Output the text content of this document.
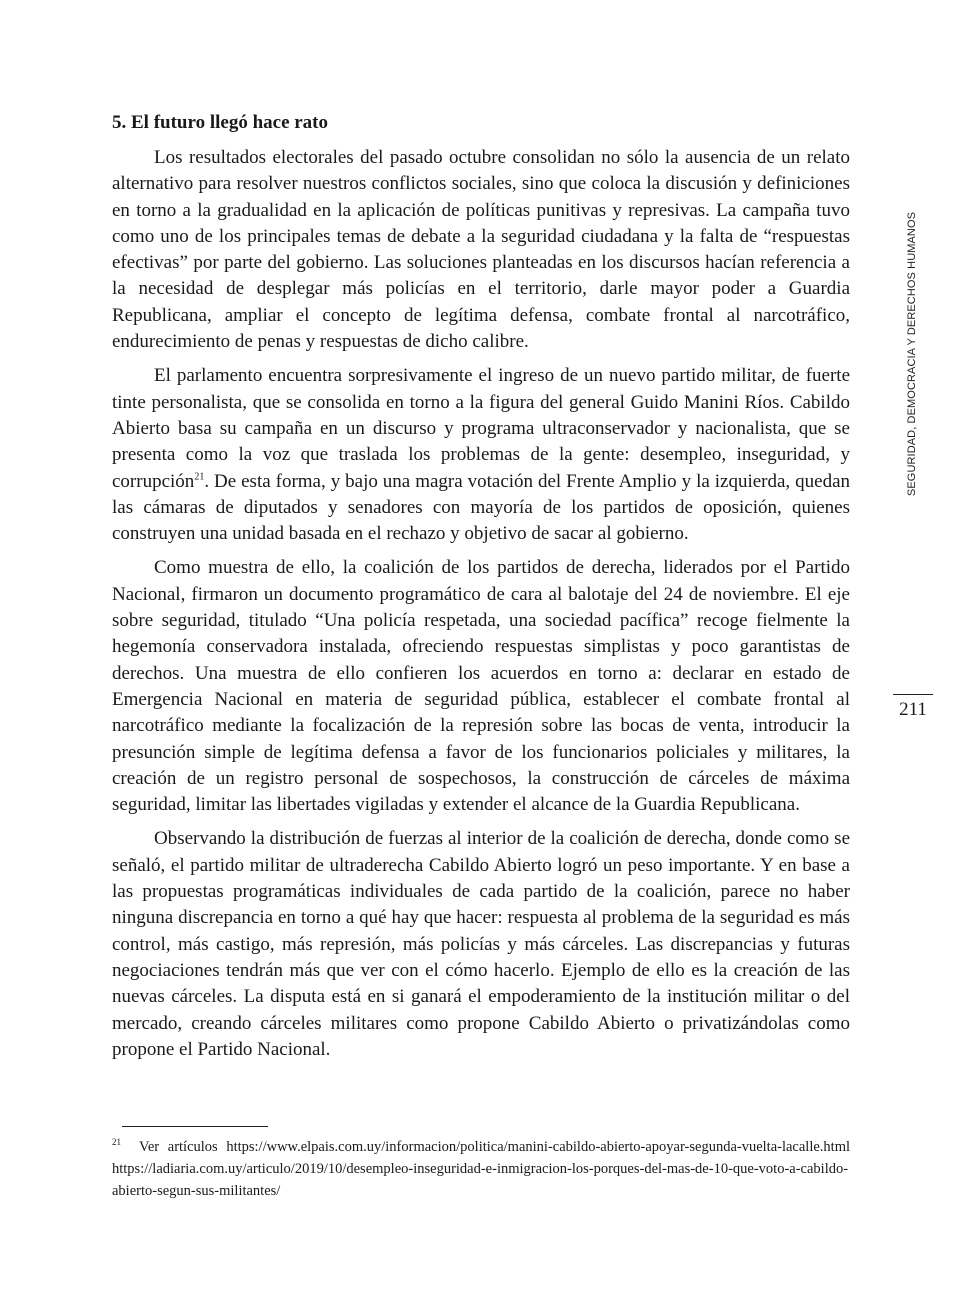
5. El futuro llegó hace rato

Los resultados electorales del pasado octubre consolidan no sólo la ausencia de un relato alternativo para resolver nuestros conflictos sociales, sino que coloca la discusión y definiciones en torno a la gradualidad en la aplicación de políticas punitivas y represivas. La campaña tuvo como uno de los principales temas de debate a la seguridad ciudadana y la falta de “respuestas efectivas” por parte del gobierno. Las soluciones planteadas en los discursos hacían referencia a la necesidad de desplegar más policías en el territorio, darle mayor poder a Guardia Republicana, ampliar el concepto de legítima defensa, combate frontal al narcotráfico, endurecimiento de penas y respuestas de dicho calibre.

El parlamento encuentra sorpresivamente el ingreso de un nuevo partido militar, de fuerte tinte personalista, que se consolida en torno a la figura del general Guido Manini Ríos. Cabildo Abierto basa su campaña en un discurso y programa ultraconservador y nacionalista, que se presenta como la voz que traslada los problemas de la gente: desempleo, inseguridad, y corrupción$^{21}$. De esta forma, y bajo una magra votación del Frente Amplio y la izquierda, quedan las cámaras de diputados y senadores con mayoría de los partidos de oposición, quienes construyen una unidad basada en el rechazo y objetivo de sacar al gobierno.

Como muestra de ello, la coalición de los partidos de derecha, liderados por el Partido Nacional, firmaron un documento programático de cara al balotaje del 24 de noviembre. El eje sobre seguridad, titulado “Una policía respetada, una sociedad pacífica” recoge fielmente la hegemonía conservadora instalada, ofreciendo respuestas simplistas y poco garantistas de derechos. Una muestra de ello confieren los acuerdos en torno a: declarar en estado de Emergencia Nacional en materia de seguridad pública, establecer el combate frontal al narcotráfico mediante la focalización de la represión sobre las bocas de venta, introducir la presunción simple de legítima defensa a favor de los funcionarios policiales y militares, la creación de un registro personal de sospechosos, la construcción de cárceles de máxima seguridad, limitar las libertades vigiladas y extender el alcance de la Guardia Republicana.

Observando la distribución de fuerzas al interior de la coalición de derecha, donde como se señaló, el partido militar de ultraderecha Cabildo Abierto logró un peso importante. Y en base a las propuestas programáticas individuales de cada partido de la coalición, parece no haber ninguna discrepancia en torno a qué hay que hacer: respuesta al problema de la seguridad es más control, más castigo, más represión, más policías y más cárceles. Las discrepancias y futuras negociaciones tendrán más que ver con el cómo hacerlo. Ejemplo de ello es la creación de las nuevas cárceles. La disputa está en si ganará el empoderamiento de la institución militar o del mercado, creando cárceles militares como propone Cabildo Abierto o privatizándolas como propone el Partido Nacional.

$^{21}$ Ver artículos https://www.elpais.com.uy/informacion/politica/manini-cabildo-abierto-apoyar-segunda-vuelta-lacalle.html https://ladiaria.com.uy/articulo/2019/10/desempleo-inseguridad-e-inmigracion-los-porques-del-mas-de-10-que-voto-a-cabildo-abierto-segun-sus-militantes/
SEGURIDAD, DEMOCRACIA Y DERECHOS HUMANOS
211
